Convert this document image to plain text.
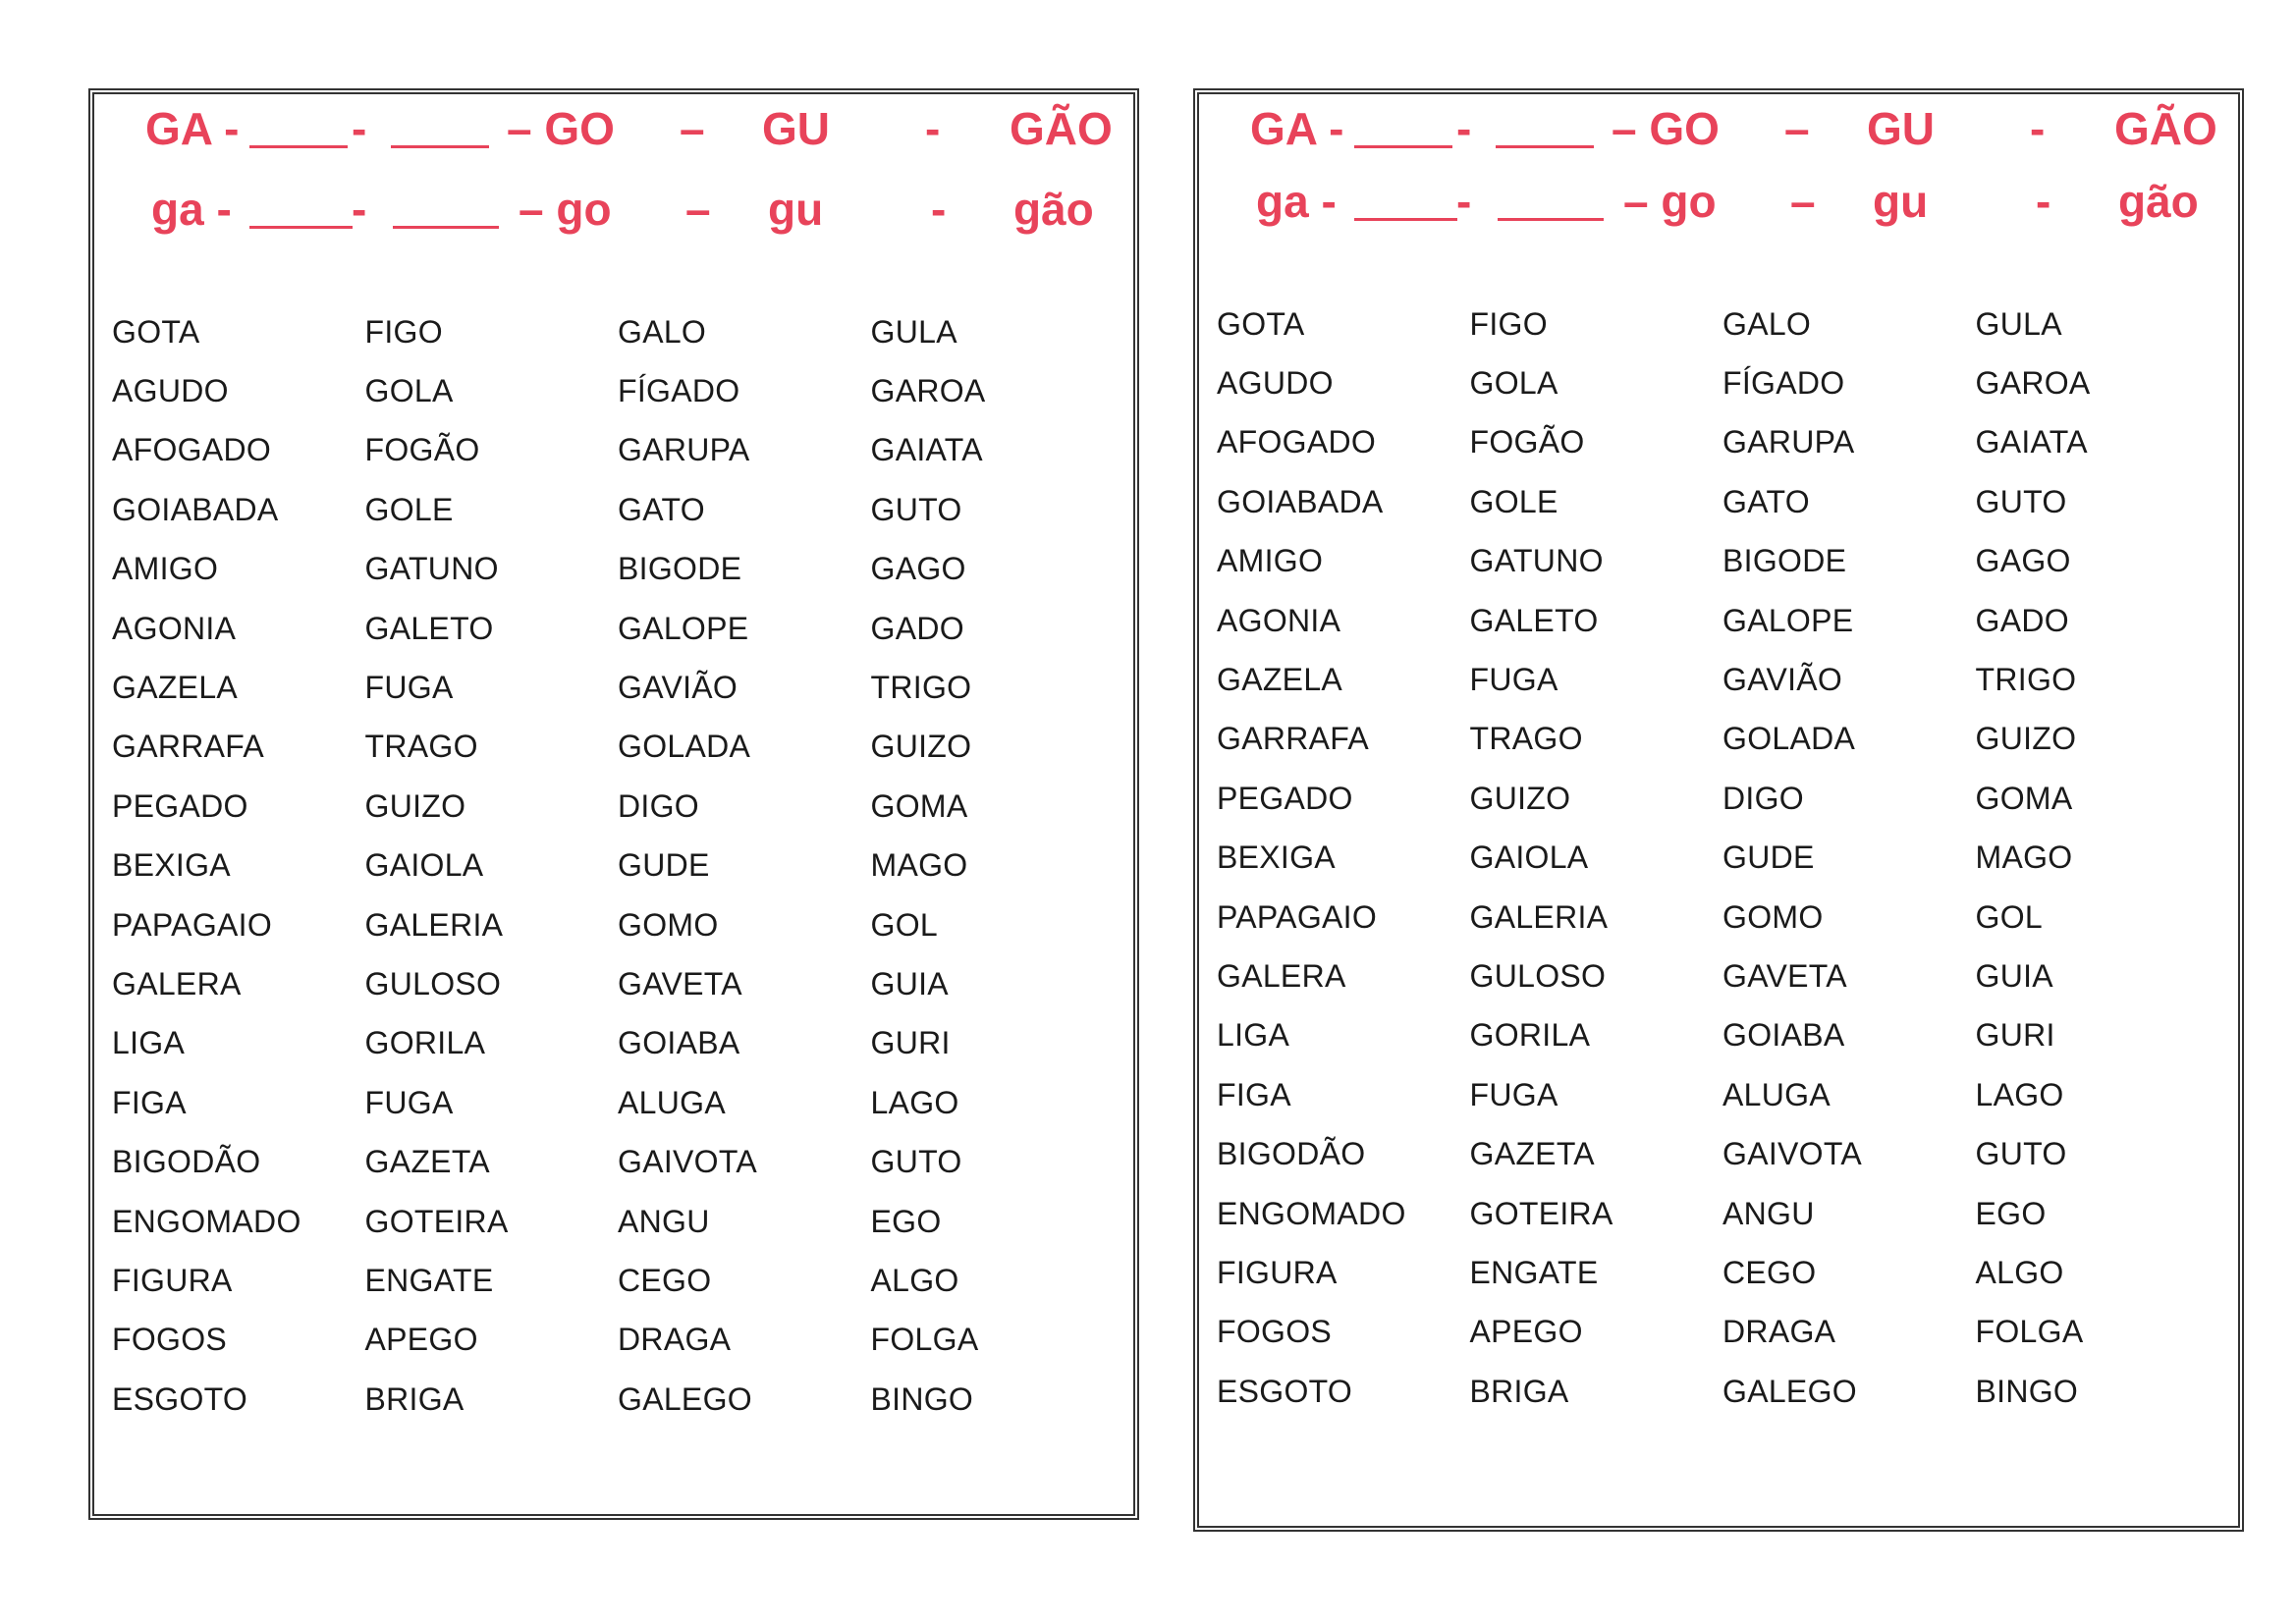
GA - -	– GO – GU - GÃO
ga -	-	– go – gu - gão
GOTA	FIGO	GALO	GULA
AGUDO	GOLA	FÍGADO	GAROA
AFOGADO	FOGÃO	GARUPA	GAIATA
GOIABADA	GOLE	GATO	GUTO
AMIGO	GATUNO	BIGODE	GAGO
AGONIA	GALETO	GALOPE	GADO
GAZELA	FUGA	GAVIÃO	TRIGO
GARRAFA	TRAGO	GOLADA	GUIZO
PEGADO	GUIZO	DIGO	GOMA
BEXIGA	GAIOLA	GUDE	MAGO
PAPAGAIO	GALERIA	GOMO	GOL
GALERA	GULOSO	GAVETA	GUIA
LIGA	GORILA	GOIABA	GURI
FIGA	FUGA	ALUGA	LAGO
BIGODÃO	GAZETA	GAIVOTA	GUTO
ENGOMADO	GOTEIRA	ANGU	EGO
FIGURA	ENGATE	CEGO	ALGO
FOGOS	APEGO	DRAGA	FOLGA
ESGOTO	BRIGA	GALEGO	BINGO
GA - -	– GO – GU - GÃO
ga -	-	– go – gu - gão
GOTA	FIGO	GALO	GULA
AGUDO	GOLA	FÍGADO	GAROA
AFOGADO	FOGÃO	GARUPA	GAIATA
GOIABADA	GOLE	GATO	GUTO
AMIGO	GATUNO	BIGODE	GAGO
AGONIA	GALETO	GALOPE	GADO
GAZELA	FUGA	GAVIÃO	TRIGO
GARRAFA	TRAGO	GOLADA	GUIZO
PEGADO	GUIZO	DIGO	GOMA
BEXIGA	GAIOLA	GUDE	MAGO
PAPAGAIO	GALERIA	GOMO	GOL
GALERA	GULOSO	GAVETA	GUIA
LIGA	GORILA	GOIABA	GURI
FIGA	FUGA	ALUGA	LAGO
BIGODÃO	GAZETA	GAIVOTA	GUTO
ENGOMADO	GOTEIRA	ANGU	EGO
FIGURA	ENGATE	CEGO	ALGO
FOGOS	APEGO	DRAGA	FOLGA
ESGOTO	BRIGA	GALEGO	BINGO
